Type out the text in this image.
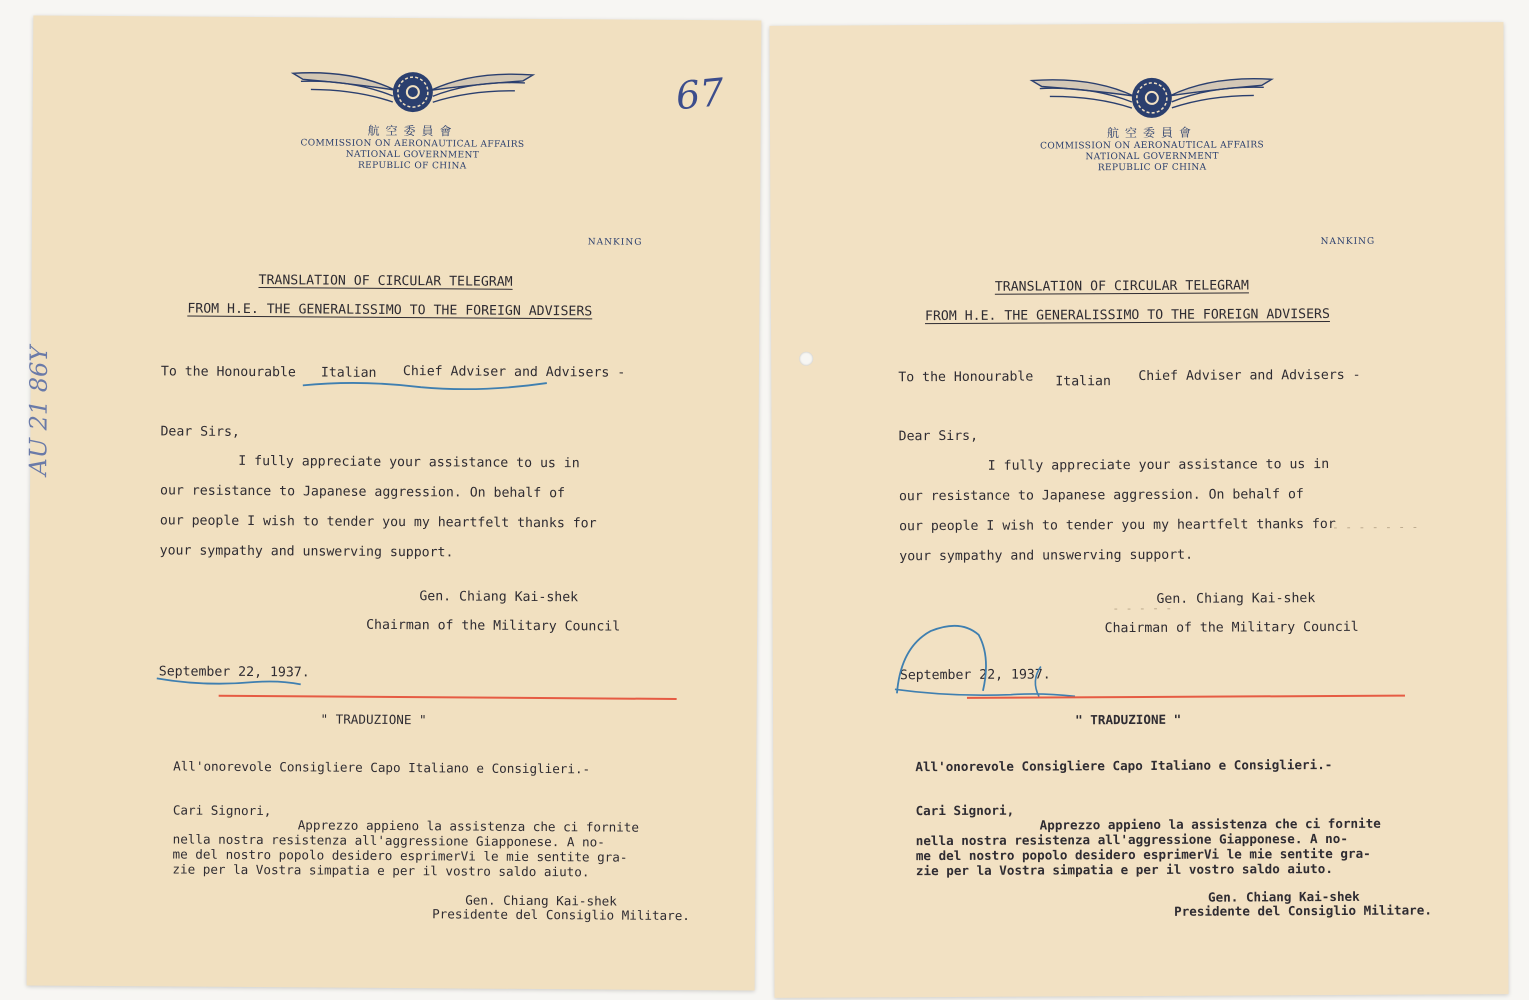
航空委員會
COMMISSION ON AERONAUTICAL AFFAIRS
NATIONAL GOVERNMENT
REPUBLIC OF CHINA
67
AU 21 86Y
NANKING
TRANSLATION OF CIRCULAR TELEGRAM
FROM H.E. THE GENERALISSIMO TO THE FOREIGN ADVISERS
To the Honourable Italian Chief Adviser and Advisers -
Dear Sirs,
I fully appreciate your assistance to us in
our resistance to Japanese aggression. On behalf of
our people I wish to tender you my heartfelt thanks for
your sympathy and unswerving support.
Gen. Chiang Kai-shek
Chairman of the Military Council
September 22, 1937.
" TRADUZIONE "
All'onorevole Consigliere Capo Italiano e Consiglieri.-
Cari Signori,
Apprezzo appieno la assistenza che ci fornite
nella nostra resistenza all'aggressione Giapponese. A no-
me del nostro popolo desidero esprimerVi le mie sentite gra-
zie per la Vostra simpatia e per il vostro saldo aiuto.
Gen. Chiang Kai-shek
Presidente del Consiglio Militare.
航空委員會
COMMISSION ON AERONAUTICAL AFFAIRS
NATIONAL GOVERNMENT
REPUBLIC OF CHINA
NANKING
TRANSLATION OF CIRCULAR TELEGRAM
FROM H.E. THE GENERALISSIMO TO THE FOREIGN ADVISERS
To the Honourable Italian Chief Adviser and Advisers -
Dear Sirs,
I fully appreciate your assistance to us in
our resistance to Japanese aggression. On behalf of
our people I wish to tender you my heartfelt thanks for
your sympathy and unswerving support.
- - - - - - -
- - - - -
Gen. Chiang Kai-shek
Chairman of the Military Council
September 22, 1937.
" TRADUZIONE "
All'onorevole Consigliere Capo Italiano e Consiglieri.-
Cari Signori,
Apprezzo appieno la assistenza che ci fornite
nella nostra resistenza all'aggressione Giapponese. A no-
me del nostro popolo desidero esprimerVi le mie sentite gra-
zie per la Vostra simpatia e per il vostro saldo aiuto.
Gen. Chiang Kai-shek
Presidente del Consiglio Militare.
